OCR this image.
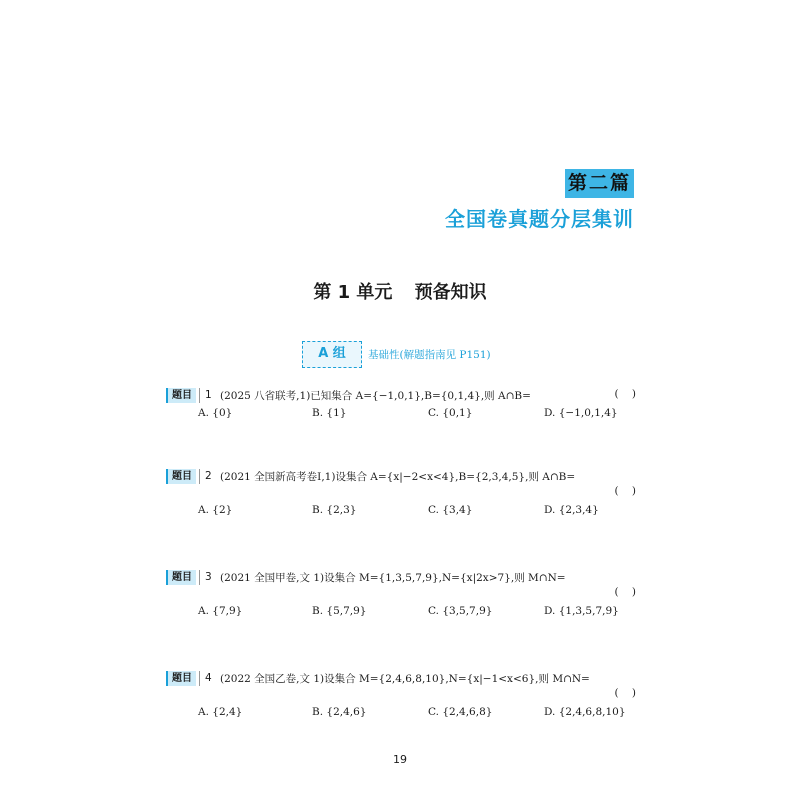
第二篇
全国卷真题分层集训
第 1 单元 预备知识
A 组	基础性(解题指南见 P151)
题目 1 (2025 八省联考,1)已知集合 A={−1,0,1},B={0,1,4},则 A∩B=	(    )
A. {0}	B. {1}	C. {0,1}	D. {−1,0,1,4}
题目 2 (2021 全国新高考卷Ⅰ,1)设集合 A={x|−2<x<4},B={2,3,4,5},则 A∩B=
(    )
A. {2}	B. {2,3}	C. {3,4}	D. {2,3,4}
题目 3 (2021 全国甲卷,文 1)设集合 M={1,3,5,7,9},N={x|2x>7},则 M∩N=
(    )
A. {7,9}	B. {5,7,9}	C. {3,5,7,9}	D. {1,3,5,7,9}
题目 4 (2022 全国乙卷,文 1)设集合 M={2,4,6,8,10},N={x|−1<x<6},则 M∩N=
(    )
A. {2,4}	B. {2,4,6}	C. {2,4,6,8}	D. {2,4,6,8,10}
19
